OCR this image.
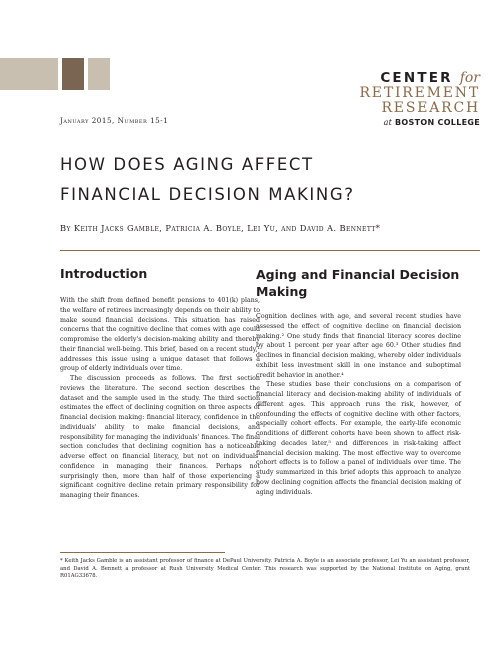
CENTER for
RETIREMENT
RESEARCH
at BOSTON COLLEGE
January 2015, Number 15-1
HOW DOES AGING AFFECT
FINANCIAL DECISION MAKING?
By Keith Jacks Gamble, Patricia A. Boyle, Lei Yu, and David A. Bennett*
Introduction

With the shift from defined benefit pensions to 401(k) plans, the welfare of retirees increasingly depends on their ability to make sound financial decisions. This situation has raised concerns that the cognitive decline that comes with age could compromise the elderly's decision-making ability and thereby their financial well-being. This brief, based on a recent study,¹ addresses this issue using a unique dataset that follows a group of elderly individuals over time.

The discussion proceeds as follows. The first section reviews the literature. The second section describes the dataset and the sample used in the study. The third section estimates the effect of declining cognition on three aspects of financial decision making: financial literacy, confidence in the individuals' ability to make financial decisions, and responsibility for managing the individuals' finances. The final section concludes that declining cognition has a noticeable adverse effect on financial literacy, but not on individuals' confidence in managing their finances. Perhaps not surprisingly then, more than half of those experiencing a significant cognitive decline retain primary responsibility for managing their finances.

Aging and Financial Decision Making

Cognition declines with age, and several recent studies have assessed the effect of cognitive decline on financial decision making.² One study finds that financial literacy scores decline by about 1 percent per year after age 60.³ Other studies find declines in financial decision making, whereby older individuals exhibit less investment skill in one instance and suboptimal credit behavior in another.⁴

These studies base their conclusions on a comparison of financial literacy and decision-making ability of individuals of different ages. This approach runs the risk, however, of confounding the effects of cognitive decline with other factors, especially cohort effects. For example, the early-life economic conditions of different cohorts have been shown to affect risk-taking decades later,⁵ and differences in risk-taking affect financial decision making. The most effective way to overcome cohort effects is to follow a panel of individuals over time. The study summarized in this brief adopts this approach to analyze how declining cognition affects the financial decision making of aging individuals.

* Keith Jacks Gamble is an assistant professor of finance at DePaul University. Patricia A. Boyle is an associate professor, Lei Yu an assistant professor, and David A. Bennett a professor at Rush University Medical Center. This research was supported by the National Institute on Aging, grant R01AG33678.
